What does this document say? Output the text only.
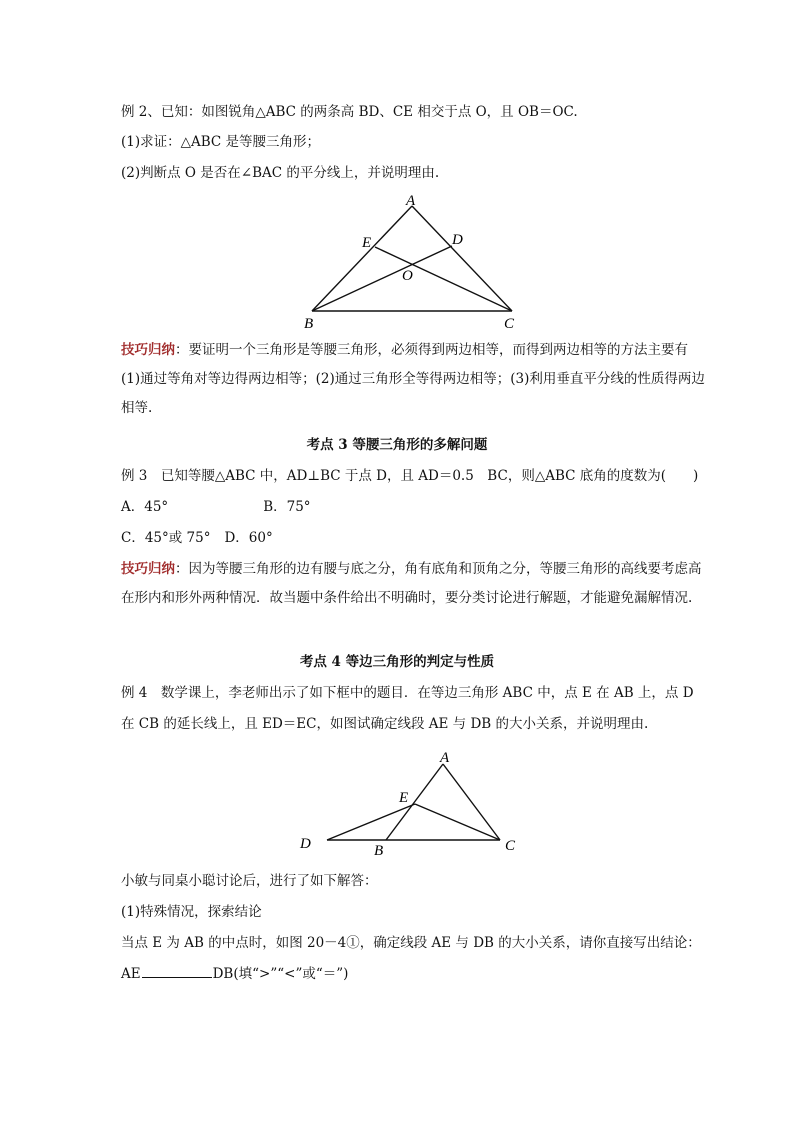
例 2、已知：如图锐角△ABC 的两条高 BD、CE 相交于点 O，且 OB＝OC.

(1)求证：△ABC 是等腰三角形；

(2)判断点 O 是否在∠BAC 的平分线上，并说明理由.

A
B	C
D
E
O

技巧归纳：要证明一个三角形是等腰三角形，必须得到两边相等，而得到两边相等的方法主要有(1)通过等角对等边得两边相等；(2)通过三角形全等得两边相等；(3)利用垂直平分线的性质得两边相等.

考点 3 等腰三角形的多解问题

例 3　已知等腰△ABC 中，AD⊥BC 于点 D，且 AD＝0.5　BC，则△ABC 底角的度数为(　　)

A．45°	B．75°

C．45°或 75° D．60°

技巧归纳：因为等腰三角形的边有腰与底之分，角有底角和顶角之分，等腰三角形的高线要考虑高在形内和形外两种情况．故当题中条件给出不明确时，要分类讨论进行解题，才能避免漏解情况.

考点 4 等边三角形的判定与性质

例 4　数学课上，李老师出示了如下框中的题目．在等边三角形 ABC 中，点 E 在 AB 上，点 D 在 CB 的延长线上，且 ED＝EC，如图试确定线段 AE 与 DB 的大小关系，并说明理由.

A
B	C
D
E

小敏与同桌小聪讨论后，进行了如下解答：

(1)特殊情况，探索结论

当点 E 为 AB 的中点时，如图 20－4①，确定线段 AE 与 DB 的大小关系，请你直接写出结论：

AE	DB(填“>”“<”或“＝”)
